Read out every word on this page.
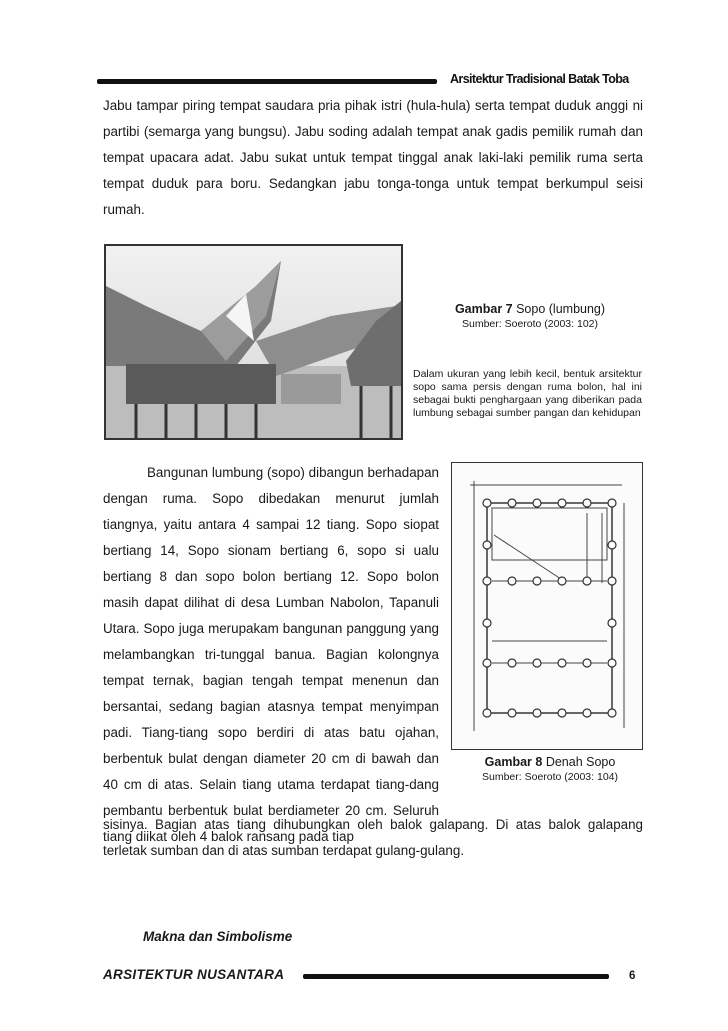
Arsitektur Tradisional Batak Toba

Jabu tampar piring tempat saudara pria pihak istri (hula-hula) serta tempat duduk anggi ni partibi (semarga yang bungsu). Jabu soding adalah tempat anak gadis pemilik rumah dan tempat upacara adat. Jabu sukat untuk tempat tinggal anak laki-laki pemilik ruma serta tempat duduk para boru. Sedangkan jabu tonga-tonga untuk tempat berkumpul seisi rumah.

Gambar 7 Sopo (lumbung)
Sumber: Soeroto (2003: 102)

Dalam ukuran yang lebih kecil, bentuk arsitektur sopo sama persis dengan ruma bolon, hal ini sebagai bukti penghargaan yang diberikan pada lumbung sebagai sumber pangan dan kehidupan

Bangunan lumbung (sopo) dibangun berhadapan dengan ruma. Sopo dibedakan menurut jumlah tiangnya, yaitu antara 4 sampai 12 tiang. Sopo siopat bertiang 14, Sopo sionam bertiang 6, sopo si ualu bertiang 8 dan sopo bolon bertiang 12. Sopo bolon masih dapat dilihat di desa Lumban Nabolon, Tapanuli Utara. Sopo juga merupakam bangunan panggung yang melambangkan tri-tunggal banua. Bagian kolongnya tempat ternak, bagian tengah tempat menenun dan bersantai, sedang bagian atasnya tempat menyimpan padi. Tiang-tiang sopo berdiri di atas batu ojahan, berbentuk bulat dengan diameter 20 cm di bawah dan 40 cm di atas. Selain tiang utama terdapat tiang-dang pembantu berbentuk bulat berdiameter 20 cm. Seluruh tiang diikat oleh 4 balok ransang pada tiap

Gambar 8 Denah Sopo
Sumber: Soeroto (2003: 104)

sisinya. Bagian atas tiang dihubungkan oleh balok galapang. Di atas balok galapang terletak sumban dan di atas sumban terdapat gulang-gulang.

Makna dan Simbolisme
ARSITEKTUR NUSANTARA	6
